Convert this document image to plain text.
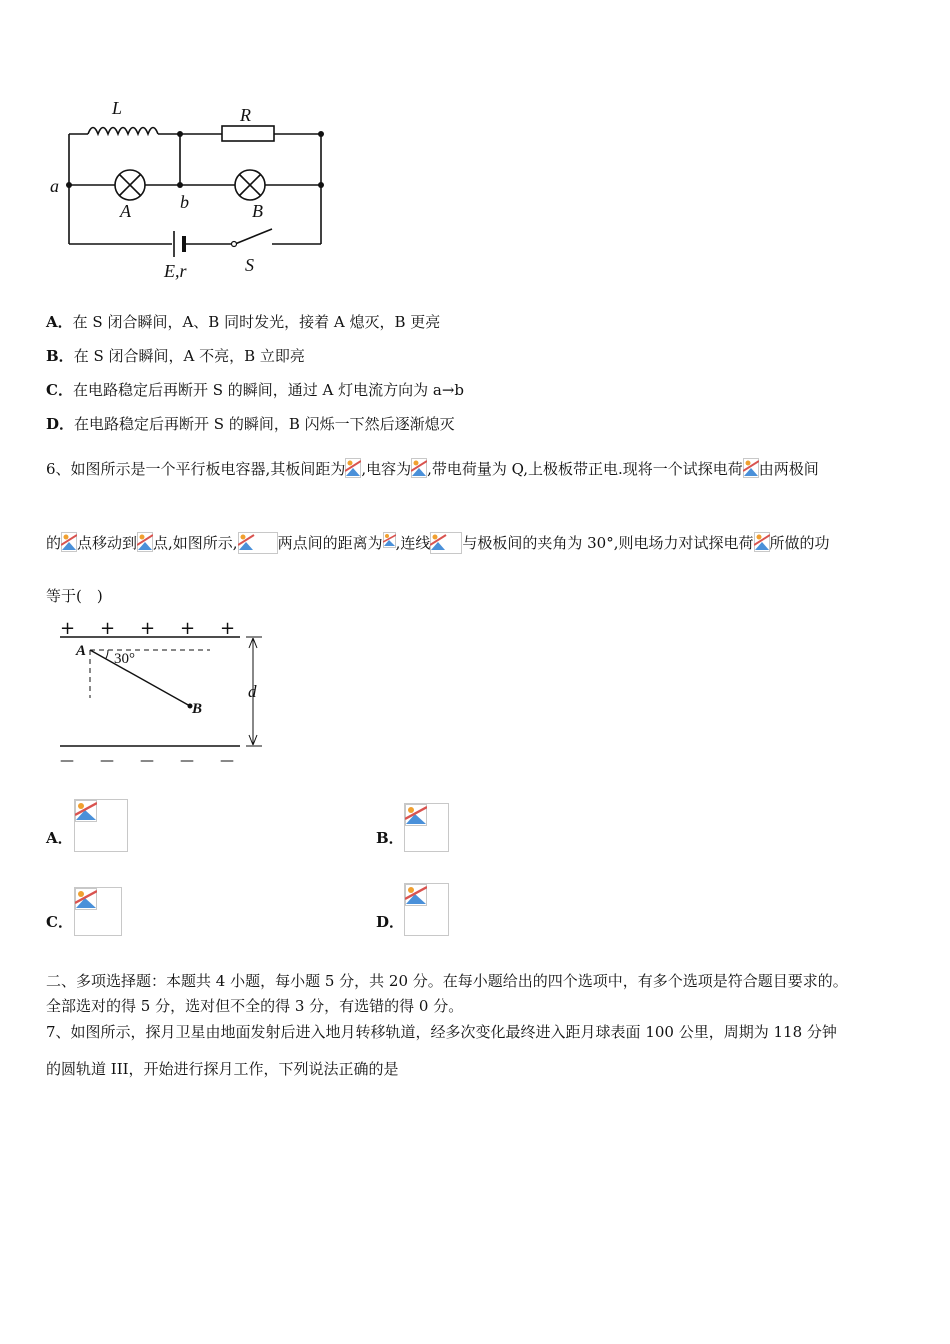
L	R
a
b
A	B
E,r	S
A．在 S 闭合瞬间，A、B 同时发光，接着 A 熄灭，B 更亮
B．在 S 闭合瞬间，A 不亮，B 立即亮
C．在电路稳定后再断开 S 的瞬间，通过 A 灯电流方向为 a→b
D．在电路稳定后再断开 S 的瞬间，B 闪烁一下然后逐渐熄灭
6、如图所示是一个平行板电容器,其板间距为 ,电容为 ,带电荷量为 Q,上极板带正电.现将一个试探电荷 由两极间
的 点移动到 点,如图所示,	两点间的距离为 ,连线 与极板间的夹角为 30°,则电场力对试探电荷 所做的功
等于(　)
+ + + + +
— — — — —
A
B
30°
d
A．	B．
C．	D．
二、多项选择题：本题共 4 小题，每小题 5 分，共 20 分。在每小题给出的四个选项中，有多个选项是符合题目要求的。
全部选对的得 5 分，选对但不全的得 3 分，有选错的得 0 分。
7、如图所示，探月卫星由地面发射后进入地月转移轨道，经多次变化最终进入距月球表面 100 公里，周期为 118 分钟
的圆轨道 III，开始进行探月工作，下列说法正确的是
